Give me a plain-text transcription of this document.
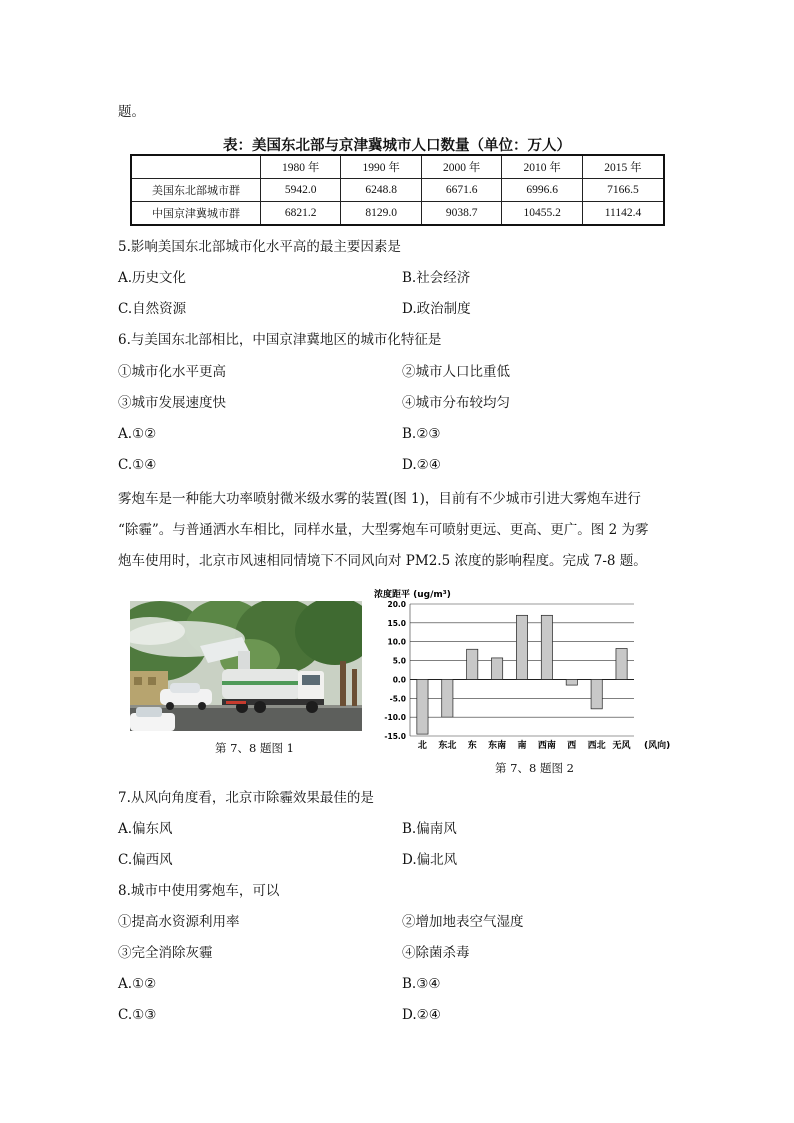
题。
表：美国东北部与京津冀城市人口数量（单位：万人）
	1980 年	1990 年	2000 年	2010 年	2015 年
美国东北部城市群	5942.0	6248.8	6671.6	6996.6	7166.5
中国京津冀城市群	6821.2	8129.0	9038.7	10455.2	11142.4
5.影响美国东北部城市化水平高的最主要因素是
A.历史文化	B.社会经济
C.自然资源	D.政治制度
6.与美国东北部相比，中国京津冀地区的城市化特征是
①城市化水平更高	②城市人口比重低
③城市发展速度快	④城市分布较均匀
A.①②	B.②③
C.①④	D.②④

雾炮车是一种能大功率喷射微米级水雾的装置(图 1)，目前有不少城市引进大雾炮车进行

“除霾”。与普通洒水车相比，同样水量，大型雾炮车可喷射更远、更高、更广。图 2 为雾

炮车使用时，北京市风速相同情境下不同风向对 PM2.5 浓度的影响程度。完成 7-8 题。

第 7、8 题图 1
20.0
15.0
10.0
5.0
0.0
-5.0
-10.0
-15.0
北 东北 东 东南 南 西南 西 西北 无风
浓度距平 (ug/m³)
(风向)
第 7、8 题图 2
7.从风向角度看，北京市除霾效果最佳的是
A.偏东风	B.偏南风
C.偏西风	D.偏北风
8.城市中使用雾炮车，可以
①提高水资源利用率	②增加地表空气湿度
③完全消除灰霾	④除菌杀毒
A.①②	B.③④
C.①③	D.②④
